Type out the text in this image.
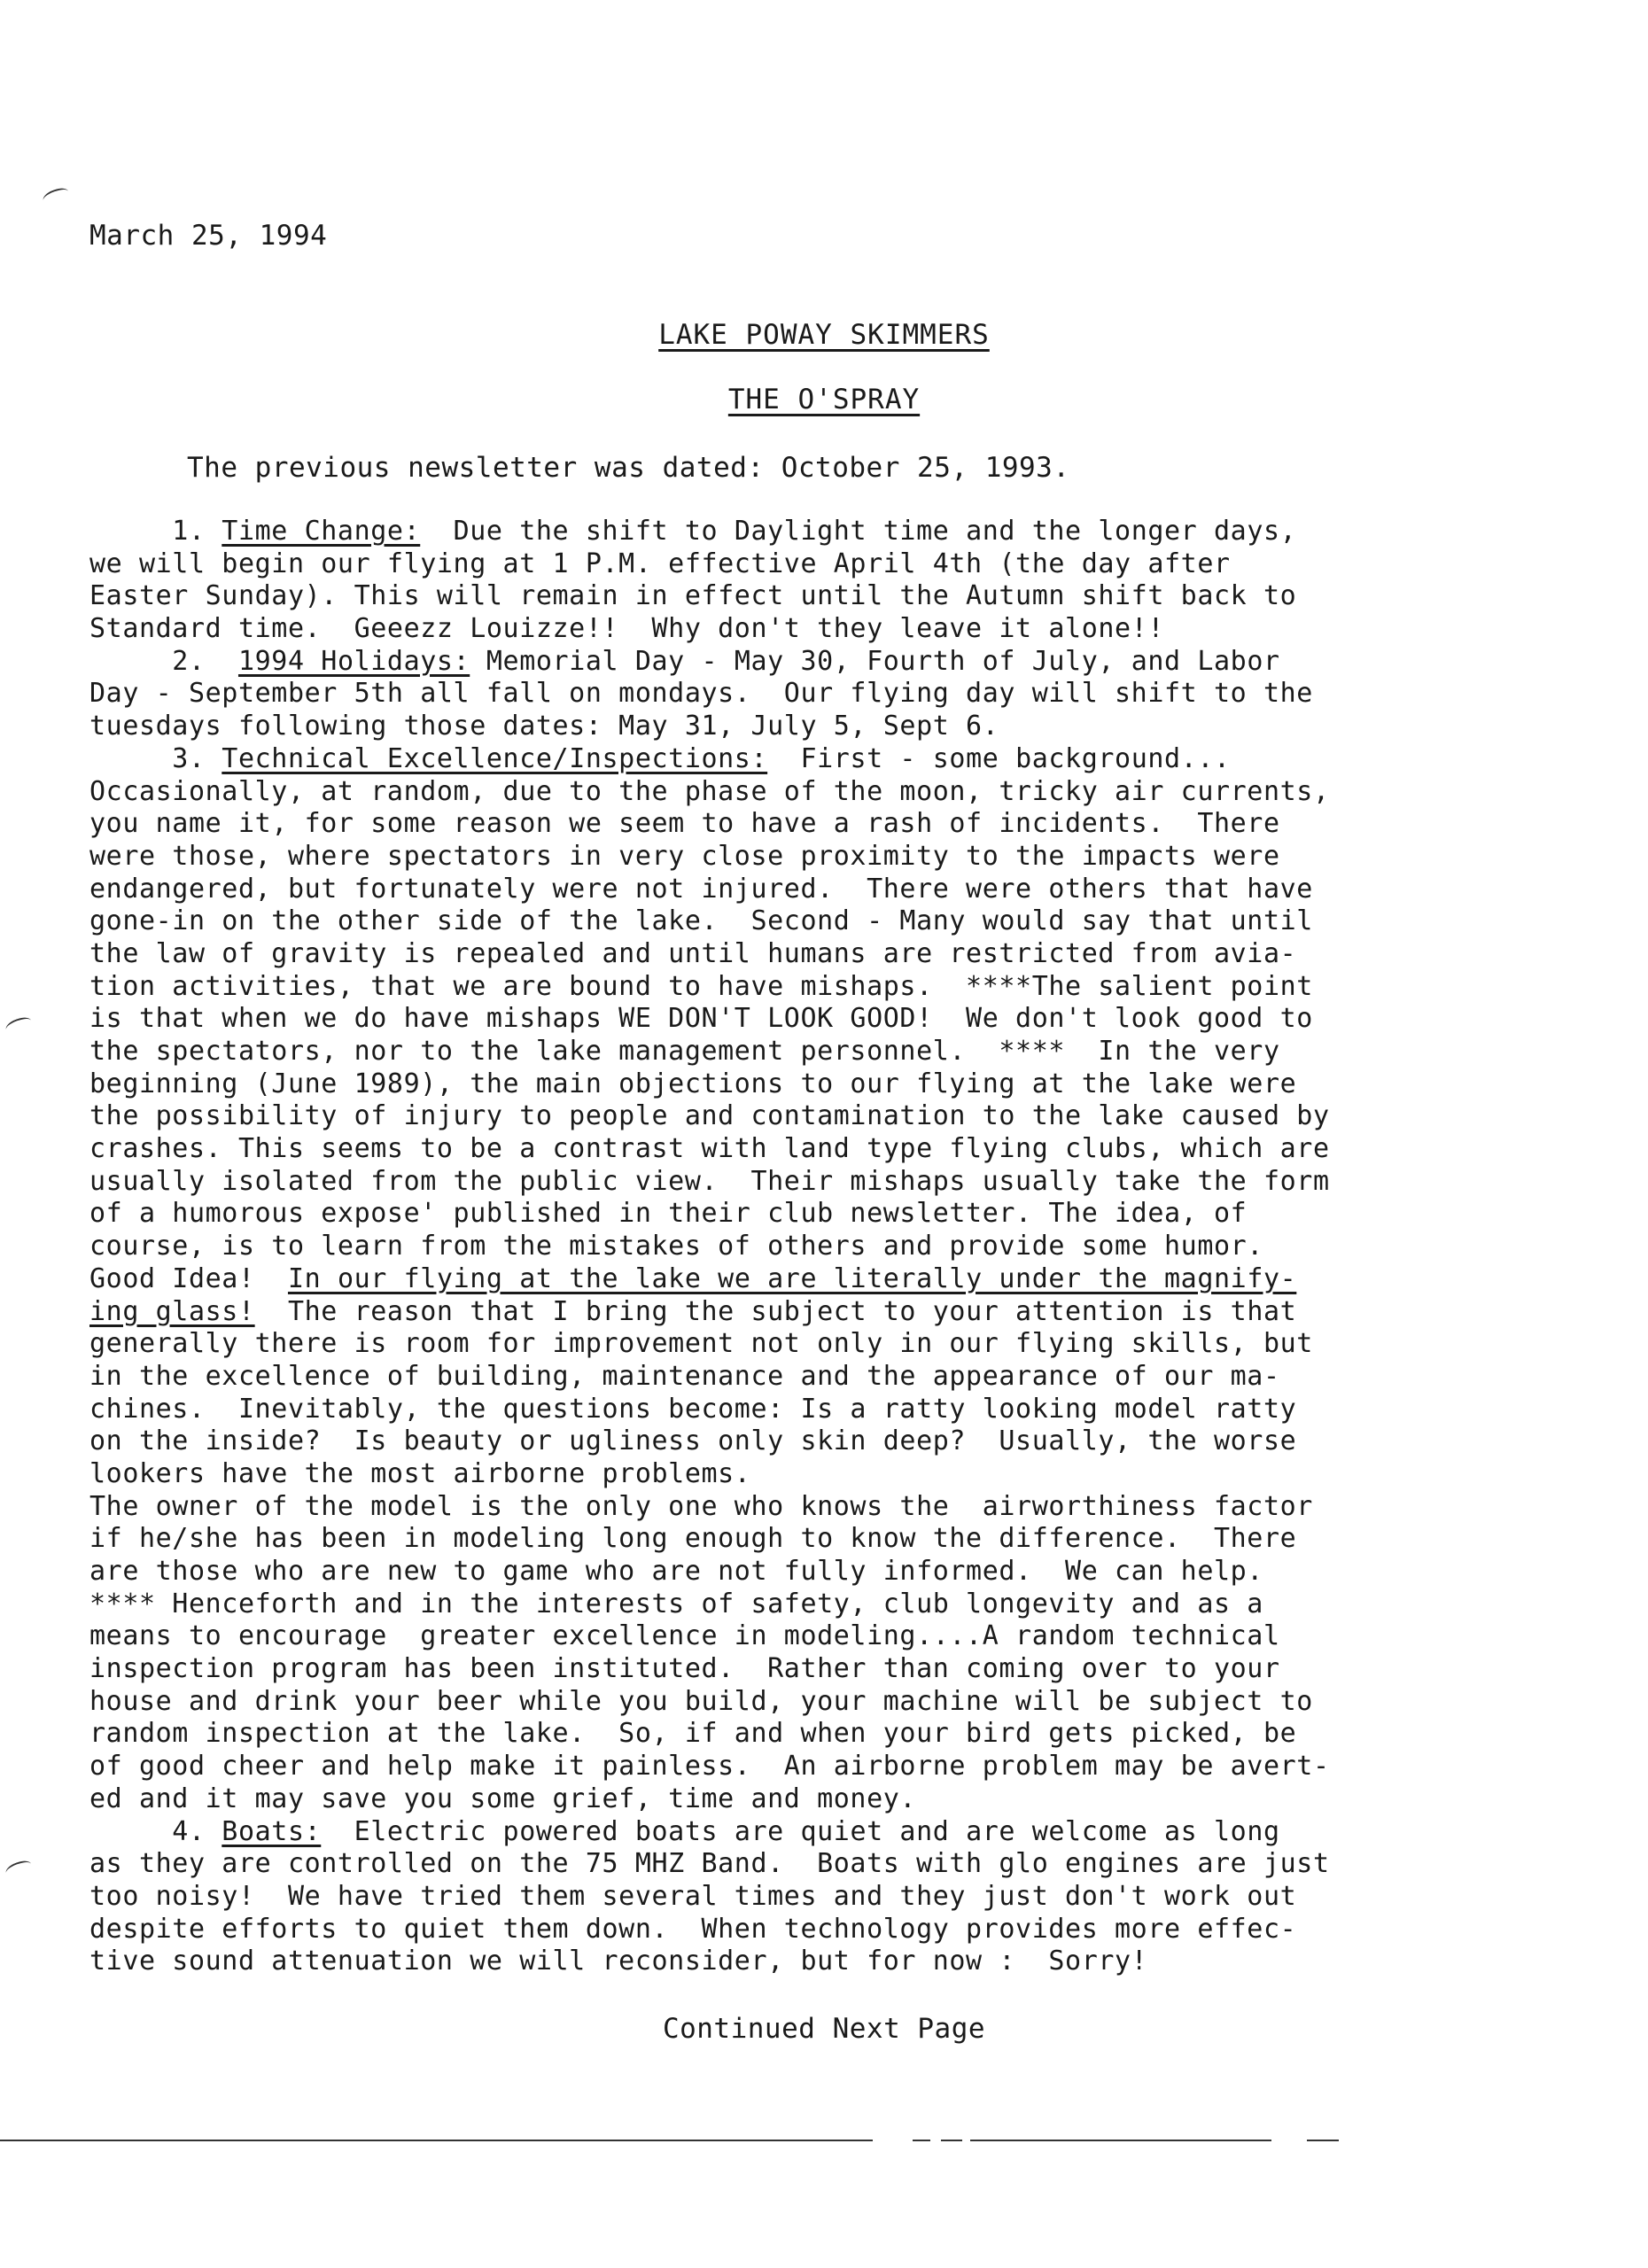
March 25, 1994
LAKE POWAY SKIMMERS
THE O'SPRAY
The previous newsletter was dated: October 25, 1993.
1. Time Change:  Due the shift to Daylight time and the longer days,
we will begin our flying at 1 P.M. effective April 4th (the day after
Easter Sunday). This will remain in effect until the Autumn shift back to
Standard time.  Geeezz Louizze!!  Why don't they leave it alone!!
2.  1994 Holidays: Memorial Day - May 30, Fourth of July, and Labor
Day - September 5th all fall on mondays.  Our flying day will shift to the
tuesdays following those dates: May 31, July 5, Sept 6.
3. Technical Excellence/Inspections:  First - some background...
Occasionally, at random, due to the phase of the moon, tricky air currents,
you name it, for some reason we seem to have a rash of incidents.  There
were those, where spectators in very close proximity to the impacts were
endangered, but fortunately were not injured.  There were others that have
gone-in on the other side of the lake.  Second - Many would say that until
the law of gravity is repealed and until humans are restricted from avia-
tion activities, that we are bound to have mishaps.  ****The salient point
is that when we do have mishaps WE DON'T LOOK GOOD!  We don't look good to
the spectators, nor to the lake management personnel.  ****  In the very
beginning (June 1989), the main objections to our flying at the lake were
the possibility of injury to people and contamination to the lake caused by
crashes. This seems to be a contrast with land type flying clubs, which are
usually isolated from the public view.  Their mishaps usually take the form
of a humorous expose' published in their club newsletter. The idea, of
course, is to learn from the mistakes of others and provide some humor.
Good Idea!  In our flying at the lake we are literally under the magnify-
ing glass!  The reason that I bring the subject to your attention is that
generally there is room for improvement not only in our flying skills, but
in the excellence of building, maintenance and the appearance of our ma-
chines.  Inevitably, the questions become: Is a ratty looking model ratty
on the inside?  Is beauty or ugliness only skin deep?  Usually, the worse
lookers have the most airborne problems.
The owner of the model is the only one who knows the  airworthiness factor
if he/she has been in modeling long enough to know the difference.  There
are those who are new to game who are not fully informed.  We can help.
**** Henceforth and in the interests of safety, club longevity and as a
means to encourage  greater excellence in modeling....A random technical
inspection program has been instituted.  Rather than coming over to your
house and drink your beer while you build, your machine will be subject to
random inspection at the lake.  So, if and when your bird gets picked, be
of good cheer and help make it painless.  An airborne problem may be avert-
ed and it may save you some grief, time and money.
4. Boats:  Electric powered boats are quiet and are welcome as long
as they are controlled on the 75 MHZ Band.  Boats with glo engines are just
too noisy!  We have tried them several times and they just don't work out
despite efforts to quiet them down.  When technology provides more effec-
tive sound attenuation we will reconsider, but for now :  Sorry!
Continued Next Page
